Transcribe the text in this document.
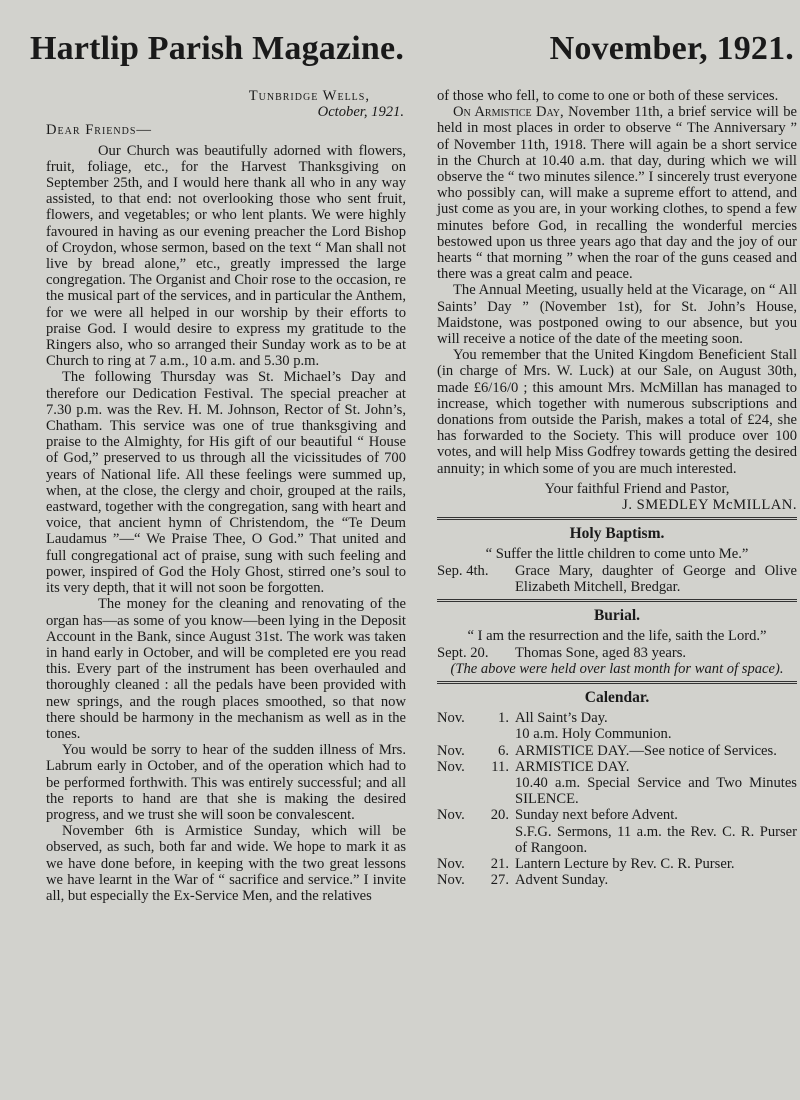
Hartlip Parish Magazine.	November, 1921.

Tunbridge Wells,

October, 1921.

Dear Friends—

Our Church was beautifully adorned with flowers, fruit, foliage, etc., for the Harvest Thanksgiving on September 25th, and I would here thank all who in any way assisted, to that end: not overlooking those who sent fruit, flowers, and vegetables; or who lent plants. We were highly favoured in having as our evening preacher the Lord Bishop of Croydon, whose sermon, based on the text “ Man shall not live by bread alone,” etc., greatly impressed the large congregation. The Organist and Choir rose to the occasion, re the musical part of the services, and in particular the Anthem, for we were all helped in our worship by their efforts to praise God. I would desire to express my gratitude to the Ringers also, who so arranged their Sunday work as to be at Church to ring at 7 a.m., 10 a.m. and 5.30 p.m.

The following Thursday was St. Michael’s Day and therefore our Dedication Festival. The special preacher at 7.30 p.m. was the Rev. H. M. Johnson, Rector of St. John’s, Chatham. This service was one of true thanksgiving and praise to the Almighty, for His gift of our beautiful “ House of God,” preserved to us through all the vicissitudes of 700 years of National life. All these feelings were summed up, when, at the close, the clergy and choir, grouped at the rails, eastward, together with the congregation, sang with heart and voice, that ancient hymn of Christendom, the “Te Deum Laudamus ”—“ We Praise Thee, O God.” That united and full congregational act of praise, sung with such feeling and power, inspired of God the Holy Ghost, stirred one’s soul to its very depth, that it will not soon be forgotten.

The money for the cleaning and renovating of the organ has—as some of you know—been lying in the Deposit Account in the Bank, since August 31st. The work was taken in hand early in October, and will be completed ere you read this. Every part of the instrument has been overhauled and thoroughly cleaned : all the pedals have been provided with new springs, and the rough places smoothed, so that now there should be harmony in the mechanism as well as in the tones.

You would be sorry to hear of the sudden illness of Mrs. Labrum early in October, and of the operation which had to be performed forthwith. This was entirely successful; and all the reports to hand are that she is making the desired progress, and we trust she will soon be convalescent.

November 6th is Armistice Sunday, which will be observed, as such, both far and wide. We hope to mark it as we have done before, in keeping with the two great lessons we have learnt in the War of “ sacrifice and service.” I invite all, but especially the Ex-Service Men, and the relatives

of those who fell, to come to one or both of these services.

On Armistice Day, November 11th, a brief service will be held in most places in order to observe “ The Anniversary ” of November 11th, 1918. There will again be a short service in the Church at 10.40 a.m. that day, during which we will observe the “ two minutes silence.” I sincerely trust everyone who possibly can, will make a supreme effort to attend, and just come as you are, in your working clothes, to spend a few minutes before God, in recalling the wonderful mercies bestowed upon us three years ago that day and the joy of our hearts “ that morning ” when the roar of the guns ceased and there was a great calm and peace.

The Annual Meeting, usually held at the Vicarage, on “ All Saints’ Day ” (November 1st), for St. John’s House, Maidstone, was postponed owing to our absence, but you will receive a notice of the date of the meeting soon.

You remember that the United Kingdom Beneficient Stall (in charge of Mrs. W. Luck) at our Sale, on August 30th, made £6/16/0 ; this amount Mrs. McMillan has managed to increase, which together with numerous subscriptions and donations from outside the Parish, makes a total of £24, she has forwarded to the Society. This will produce over 100 votes, and will help Miss Godfrey towards getting the desired annuity; in which some of you are much interested.

Your faithful Friend and Pastor,

J. SMEDLEY McMILLAN.

Holy Baptism.

“ Suffer the little children to come unto Me.”

Sep. 4th.	Grace Mary, daughter of George and Olive Elizabeth Mitchell, Bredgar.

Burial.

“ I am the resurrection and the life, saith the Lord.”

Sept. 20.	Thomas Sone, aged 83 years.

(The above were held over last month for want of space).

Calendar.

Nov.	1. All Saint’s Day.
10 a.m. Holy Communion.
Nov.	6. ARMISTICE DAY.—See notice of Services.
Nov.	11. ARMISTICE DAY.
10.40 a.m. Special Service and Two Minutes SILENCE.
Nov.	20. Sunday next before Advent.
S.F.G. Sermons, 11 a.m. the Rev. C. R. Purser of Rangoon.
Nov.	21. Lantern Lecture by Rev. C. R. Purser.
Nov.	27. Advent Sunday.
